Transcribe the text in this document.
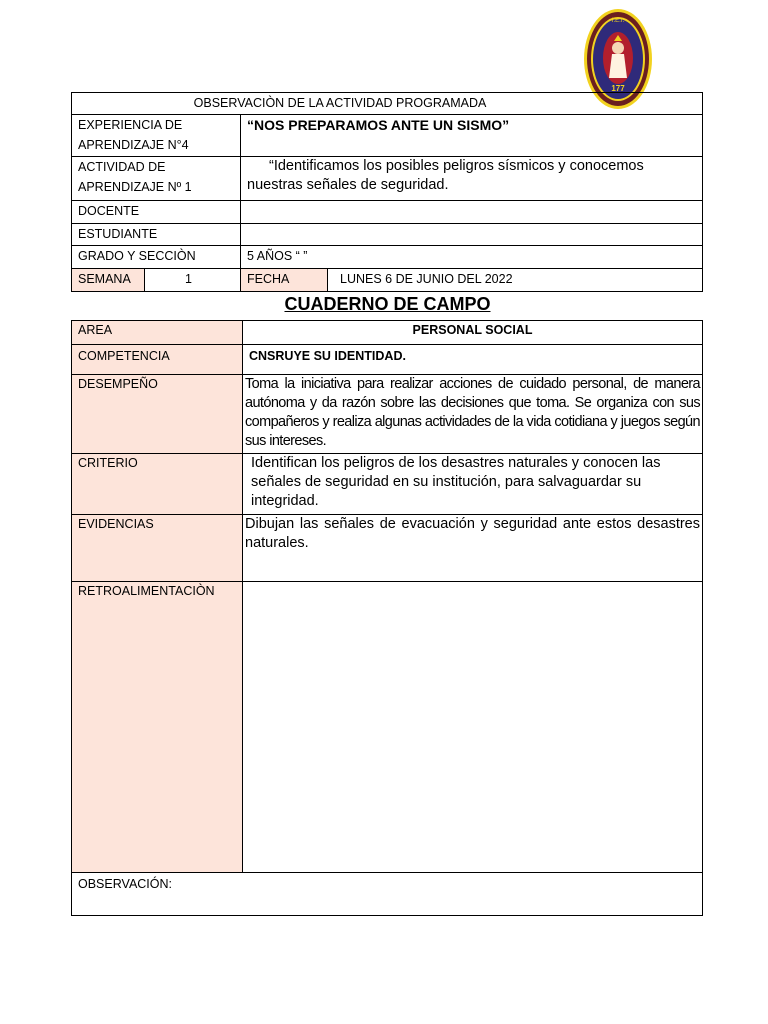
I.E.I.
177
OBSERVACIÒN DE LA ACTIVIDAD PROGRAMADA			
EXPERIENCIA DE APRENDIZAJE N°4		“NOS PREPARAMOS ANTE UN SISMO”	
ACTIVIDAD DE APRENDIZAJE Nº 1		“Identificamos los posibles peligros sísmicos y conocemos nuestras señales de seguridad.	
DOCENTE			
ESTUDIANTE			
GRADO Y SECCIÒN		5 AÑOS “ ”	
SEMANA	1	FECHA	LUNES 6 DE JUNIO DEL 2022
CUADERNO DE CAMPO
AREA	PERSONAL SOCIAL
COMPETENCIA	CNSRUYE SU IDENTIDAD.
DESEMPEÑO	Toma la iniciativa para realizar acciones de cuidado personal, de manera autónoma y da razón sobre las decisiones que toma. Se organiza con sus compañeros y realiza algunas actividades de la vida cotidiana y juegos según sus intereses.
CRITERIO	Identifican los peligros de los desastres naturales y conocen las señales de seguridad en su institución, para salvaguardar su integridad.
EVIDENCIAS	Dibujan las señales de evacuación y seguridad ante estos desastres naturales.
RETROALIMENTACIÒN	
OBSERVACIÓN:	
